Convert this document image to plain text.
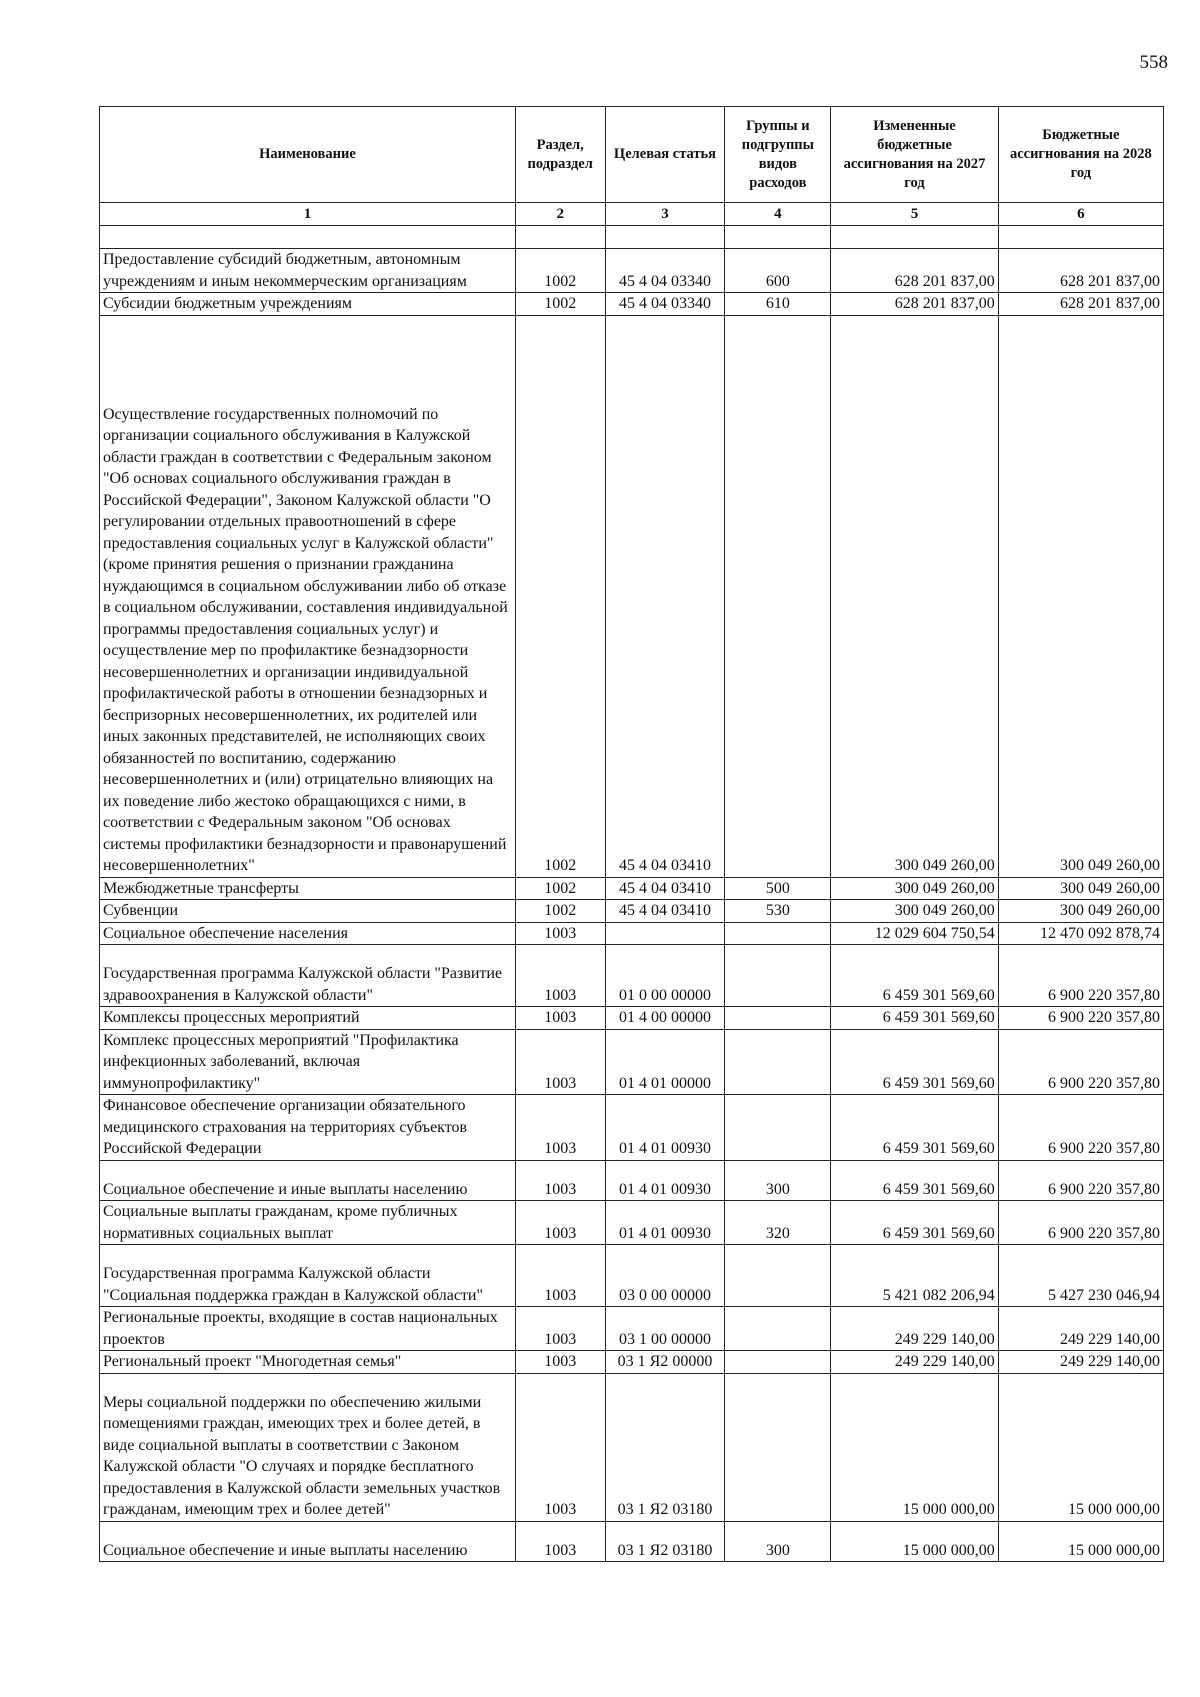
558
Наименование	Раздел, подраздел	Целевая статья	Группы и подгруппы видов расходов	Измененные бюджетные ассигнования на 2027 год	Бюджетные ассигнования на 2028 год
1	2	3	4	5	6

Предоставление субсидий бюджетным, автономным учреждениям и иным некоммерческим организациям	1002	45 4 04 03340	600	628 201 837,00	628 201 837,00
Субсидии бюджетным учреждениям	1002	45 4 04 03340	610	628 201 837,00	628 201 837,00
Осуществление государственных полномочий по организации социального обслуживания в Калужской области граждан в соответствии с Федеральным законом "Об основах социального обслуживания граждан в Российской Федерации", Законом Калужской области "О регулировании отдельных правоотношений в сфере предоставления социальных услуг в Калужской области" (кроме принятия решения о признании гражданина нуждающимся в социальном обслуживании либо об отказе в социальном обслуживании, составления индивидуальной программы предоставления социальных услуг) и осуществление мер по профилактике безнадзорности несовершеннолетних и организации индивидуальной профилактической работы в отношении безнадзорных и беспризорных несовершеннолетних, их родителей или иных законных представителей, не исполняющих своих обязанностей по воспитанию, содержанию несовершеннолетних и (или) отрицательно влияющих на их поведение либо жестоко обращающихся с ними, в соответствии с Федеральным законом "Об основах системы профилактики безнадзорности и правонарушений несовершеннолетних"	1002	45 4 04 03410		300 049 260,00	300 049 260,00
Межбюджетные трансферты	1002	45 4 04 03410	500	300 049 260,00	300 049 260,00
Субвенции	1002	45 4 04 03410	530	300 049 260,00	300 049 260,00
Социальное обеспечение населения	1003			12 029 604 750,54	12 470 092 878,74
Государственная программа Калужской области "Развитие здравоохранения в Калужской области"	1003	01 0 00 00000		6 459 301 569,60	6 900 220 357,80
Комплексы процессных мероприятий	1003	01 4 00 00000		6 459 301 569,60	6 900 220 357,80
Комплекс процессных мероприятий "Профилактика инфекционных заболеваний, включая иммунопрофилактику"	1003	01 4 01 00000		6 459 301 569,60	6 900 220 357,80
Финансовое обеспечение организации обязательного медицинского страхования на территориях субъектов Российской Федерации	1003	01 4 01 00930		6 459 301 569,60	6 900 220 357,80
Социальное обеспечение и иные выплаты населению	1003	01 4 01 00930	300	6 459 301 569,60	6 900 220 357,80
Социальные выплаты гражданам, кроме публичных нормативных социальных выплат	1003	01 4 01 00930	320	6 459 301 569,60	6 900 220 357,80
Государственная программа Калужской области "Социальная поддержка граждан в Калужской области"	1003	03 0 00 00000		5 421 082 206,94	5 427 230 046,94
Региональные проекты, входящие в состав национальных проектов	1003	03 1 00 00000		249 229 140,00	249 229 140,00
Региональный проект "Многодетная семья"	1003	03 1 Я2 00000		249 229 140,00	249 229 140,00
Меры социальной поддержки по обеспечению жилыми помещениями граждан, имеющих трех и более детей, в виде социальной выплаты в соответствии с Законом Калужской области "О случаях и порядке бесплатного предоставления в Калужской области земельных участков гражданам, имеющим трех и более детей"	1003	03 1 Я2 03180		15 000 000,00	15 000 000,00
Социальное обеспечение и иные выплаты населению	1003	03 1 Я2 03180	300	15 000 000,00	15 000 000,00
